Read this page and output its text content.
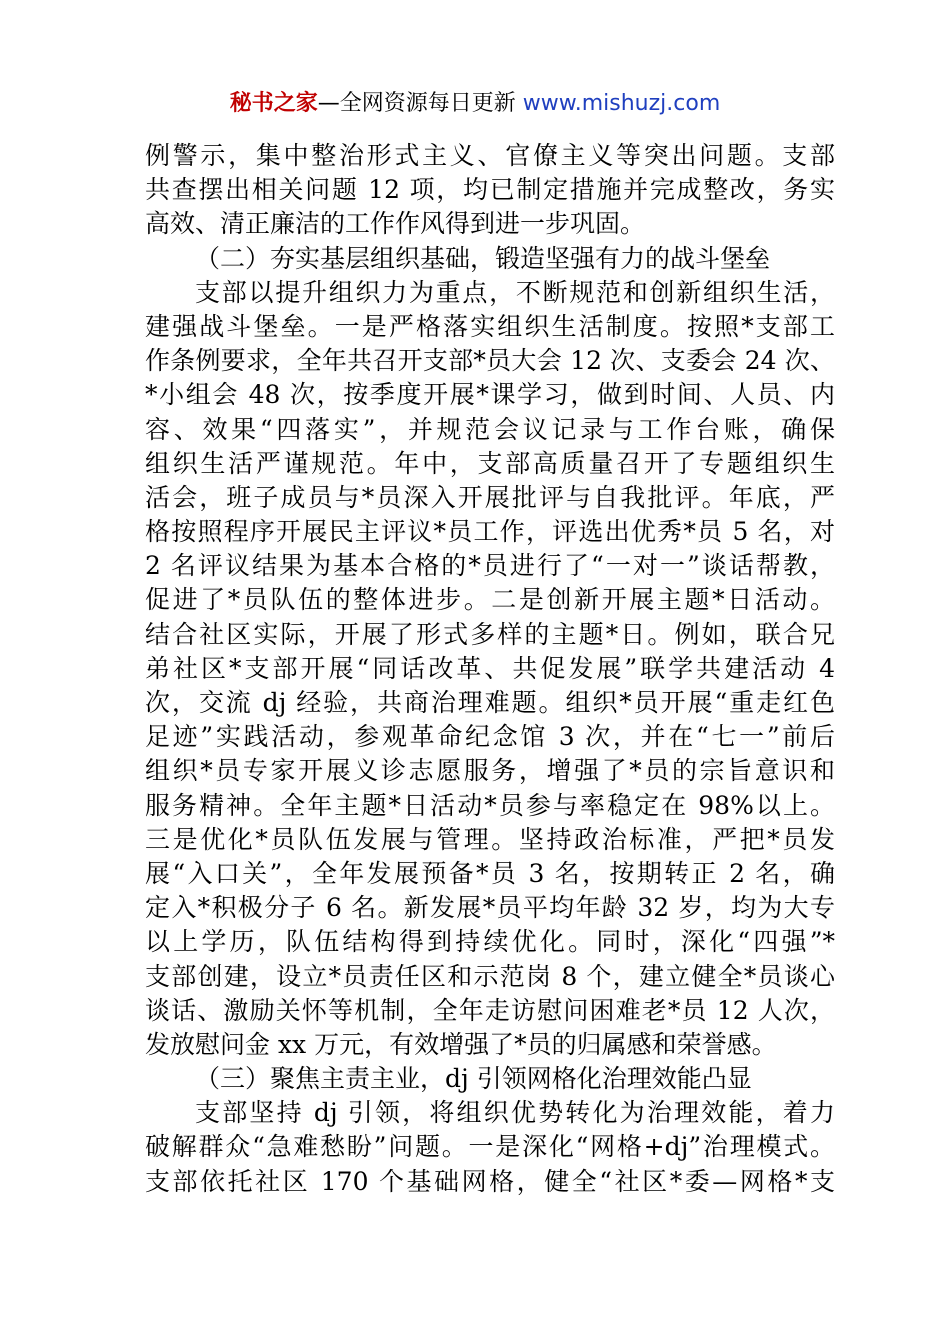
秘书之家—全网资源每日更新 www.mishuzj.com
例警示，集中整治形式主义、官僚主义等突出问题。支部
共查摆出相关问题 12 项，均已制定措施并完成整改，务实
高效、清正廉洁的工作作风得到进一步巩固。
（二）夯实基层组织基础，锻造坚强有力的战斗堡垒
支部以提升组织力为重点，不断规范和创新组织生活，
建强战斗堡垒。一是严格落实组织生活制度。按照*支部工
作条例要求，全年共召开支部*员大会 12 次、支委会 24 次、
*小组会 48 次，按季度开展*课学习，做到时间、人员、内
容、效果“四落实”，并规范会议记录与工作台账，确保
组织生活严谨规范。年中，支部高质量召开了专题组织生
活会，班子成员与*员深入开展批评与自我批评。年底，严
格按照程序开展民主评议*员工作，评选出优秀*员 5 名，对
2 名评议结果为基本合格的*员进行了“一对一”谈话帮教，
促进了*员队伍的整体进步。二是创新开展主题*日活动。
结合社区实际，开展了形式多样的主题*日。例如，联合兄
弟社区*支部开展“同话改革、共促发展”联学共建活动 4
次，交流 dj 经验，共商治理难题。组织*员开展“重走红色
足迹”实践活动，参观革命纪念馆 3 次，并在“七一”前后
组织*员专家开展义诊志愿服务，增强了*员的宗旨意识和
服务精神。全年主题*日活动*员参与率稳定在 98%以上。
三是优化*员队伍发展与管理。坚持政治标准，严把*员发
展“入口关”，全年发展预备*员 3 名，按期转正 2 名，确
定入*积极分子 6 名。新发展*员平均年龄 32 岁，均为大专
以上学历，队伍结构得到持续优化。同时，深化“四强”*
支部创建，设立*员责任区和示范岗 8 个，建立健全*员谈心
谈话、激励关怀等机制，全年走访慰问困难老*员 12 人次，
发放慰问金 xx 万元，有效增强了*员的归属感和荣誉感。
（三）聚焦主责主业，dj 引领网格化治理效能凸显
支部坚持 dj 引领，将组织优势转化为治理效能，着力
破解群众“急难愁盼”问题。一是深化“网格+dj”治理模式。
支部依托社区 170 个基础网格，健全“社区*委—网格*支
